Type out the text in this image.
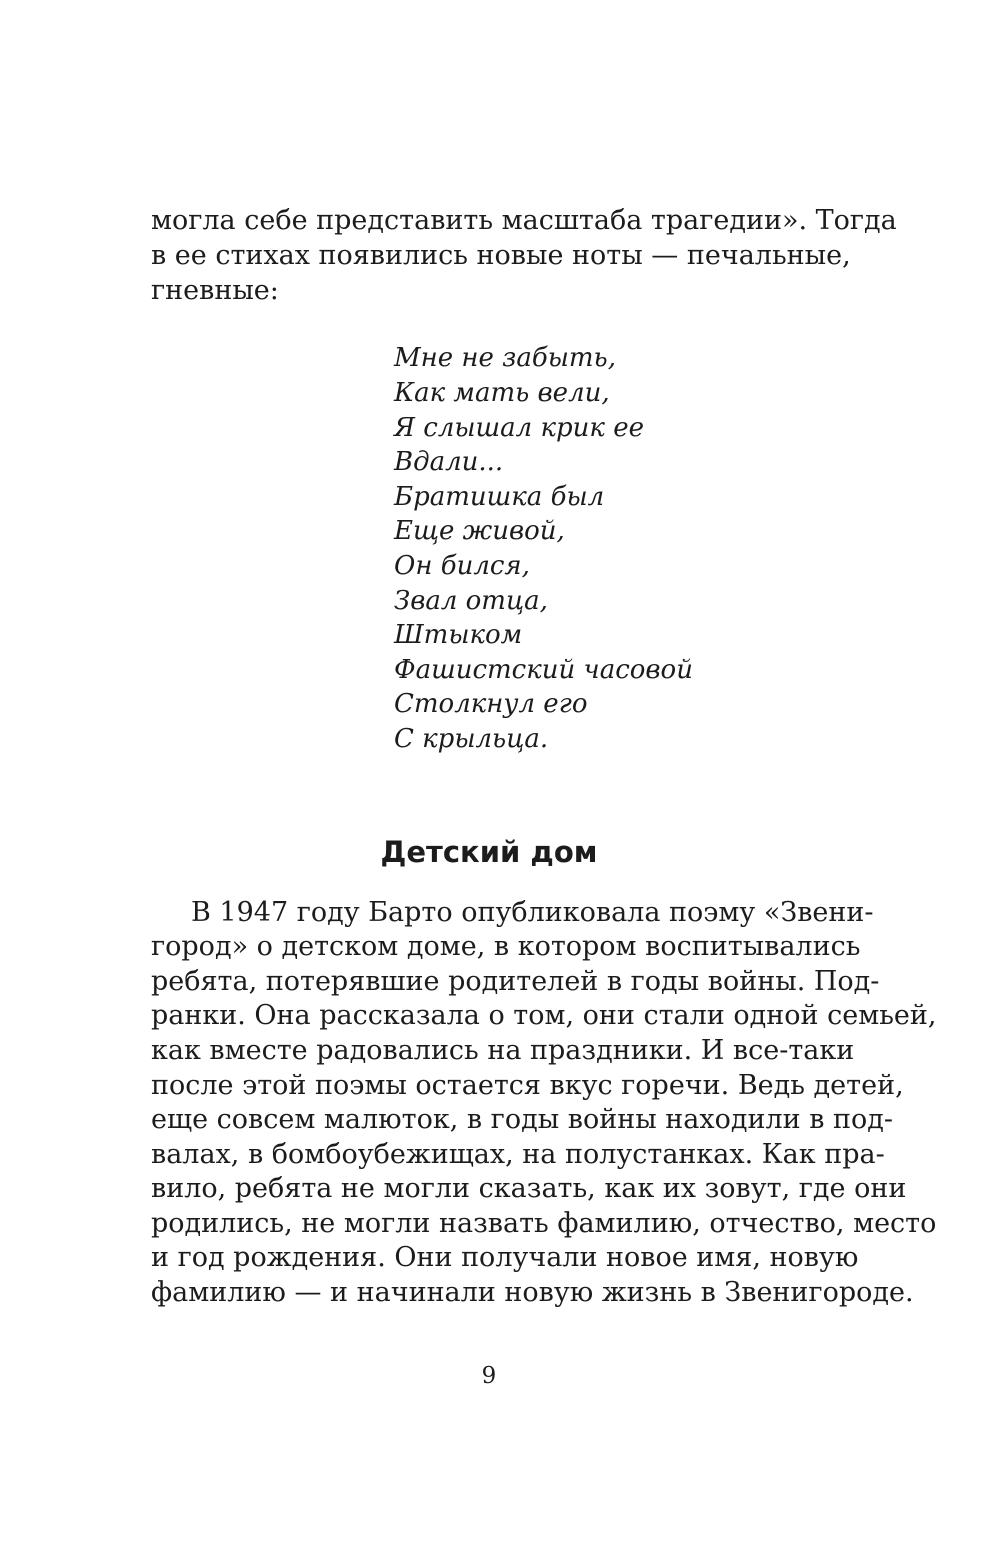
могла себе представить масштаба трагедии». Тогда
в ее стихах появились новые ноты — печальные,
гневные:
Мне не забыть,
Как мать вели,
Я слышал крик ее
Вдали...
Братишка был
Еще живой,
Он бился,
Звал отца,
Штыком
Фашистский часовой
Столкнул его
С крыльца.
Детский дом
В 1947 году Барто опубликовала поэму «Звени-
город» о детском доме, в котором воспитывались
ребята, потерявшие родителей в годы войны. Под-
ранки. Она рассказала о том, они стали одной семьей,
как вместе радовались на праздники. И все-таки
после этой поэмы остается вкус горечи. Ведь детей,
еще совсем малюток, в годы войны находили в под-
валах, в бомбоубежищах, на полустанках. Как пра-
вило, ребята не могли сказать, как их зовут, где они
родились, не могли назвать фамилию, отчество, место
и год рождения. Они получали новое имя, новую
фамилию — и начинали новую жизнь в Звенигороде.
9
